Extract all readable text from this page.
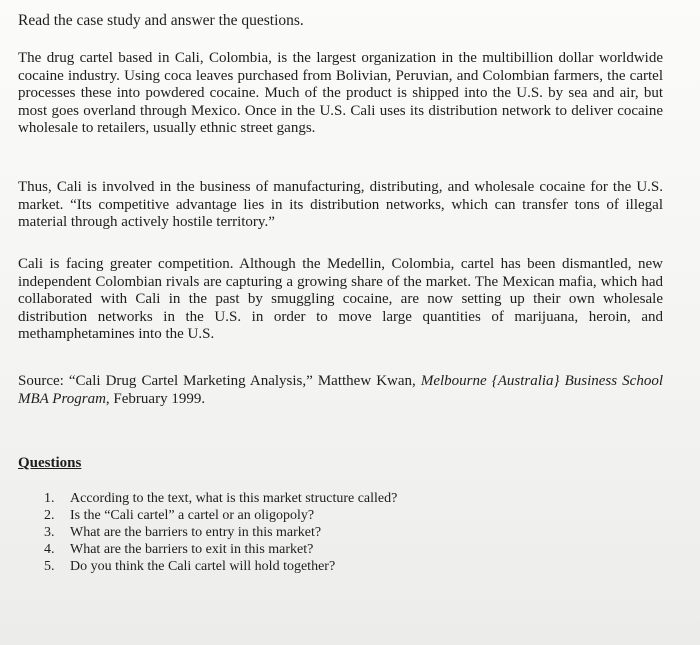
Read the case study and answer the questions.

The drug cartel based in Cali, Colombia, is the largest organization in the multibillion dollar worldwide cocaine industry. Using coca leaves purchased from Bolivian, Peruvian, and Colombian farmers, the cartel processes these into powdered cocaine. Much of the product is shipped into the U.S. by sea and air, but most goes overland through Mexico. Once in the U.S. Cali uses its distribution network to deliver cocaine wholesale to retailers, usually ethnic street gangs.

Thus, Cali is involved in the business of manufacturing, distributing, and wholesale cocaine for the U.S. market. “Its competitive advantage lies in its distribution networks, which can transfer tons of illegal material through actively hostile territory.”

Cali is facing greater competition. Although the Medellin, Colombia, cartel has been dismantled, new independent Colombian rivals are capturing a growing share of the market. The Mexican mafia, which had collaborated with Cali in the past by smuggling cocaine, are now setting up their own wholesale distribution networks in the U.S. in order to move large quantities of marijuana, heroin, and methamphetamines into the U.S.

Source: “Cali Drug Cartel Marketing Analysis,” Matthew Kwan, Melbourne {Australia} Business School MBA Program, February 1999.

Questions
1. According to the text, what is this market structure called?
2. Is the “Cali cartel” a cartel or an oligopoly?
3. What are the barriers to entry in this market?
4. What are the barriers to exit in this market?
5. Do you think the Cali cartel will hold together?
